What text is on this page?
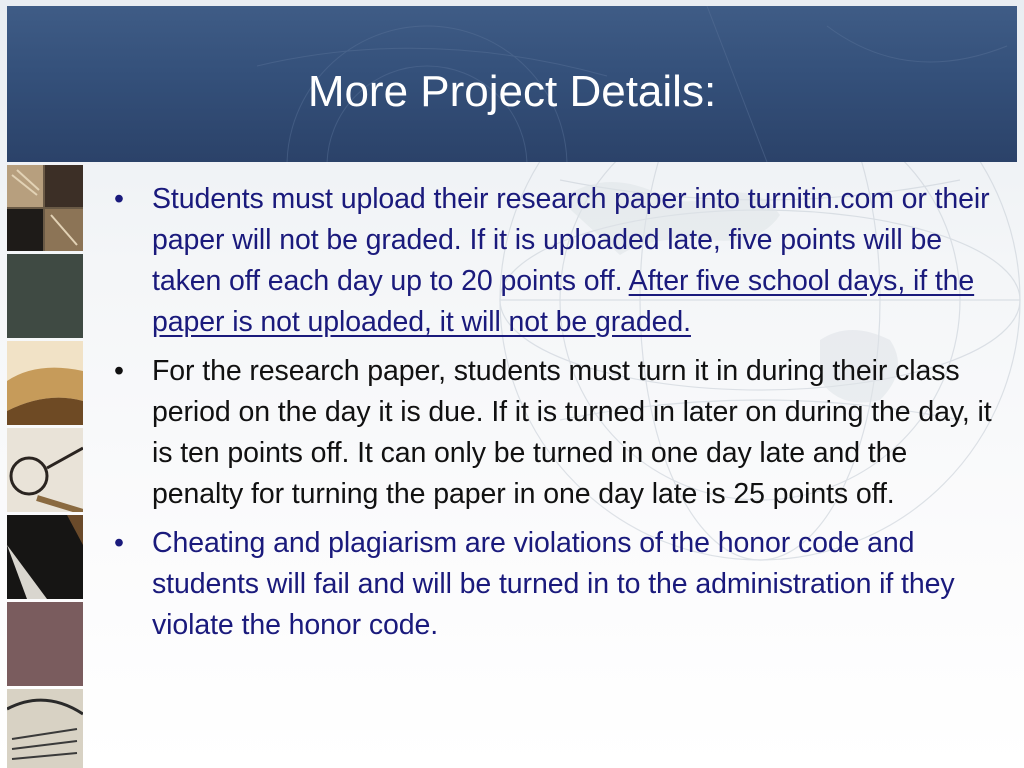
More Project Details:
• Students must upload their research paper into turnitin.com or their paper will not be graded. If it is uploaded late, five points will be taken off each day up to 20 points off. After five school days, if the paper is not uploaded, it will not be graded.
• For the research paper, students must turn it in during their class period on the day it is due. If it is turned in later on during the day, it is ten points off. It can only be turned in one day late and the penalty for turning the paper in one day late is 25 points off.
• Cheating and plagiarism are violations of the honor code and students will fail and will be turned in to the administration if they violate the honor code.
